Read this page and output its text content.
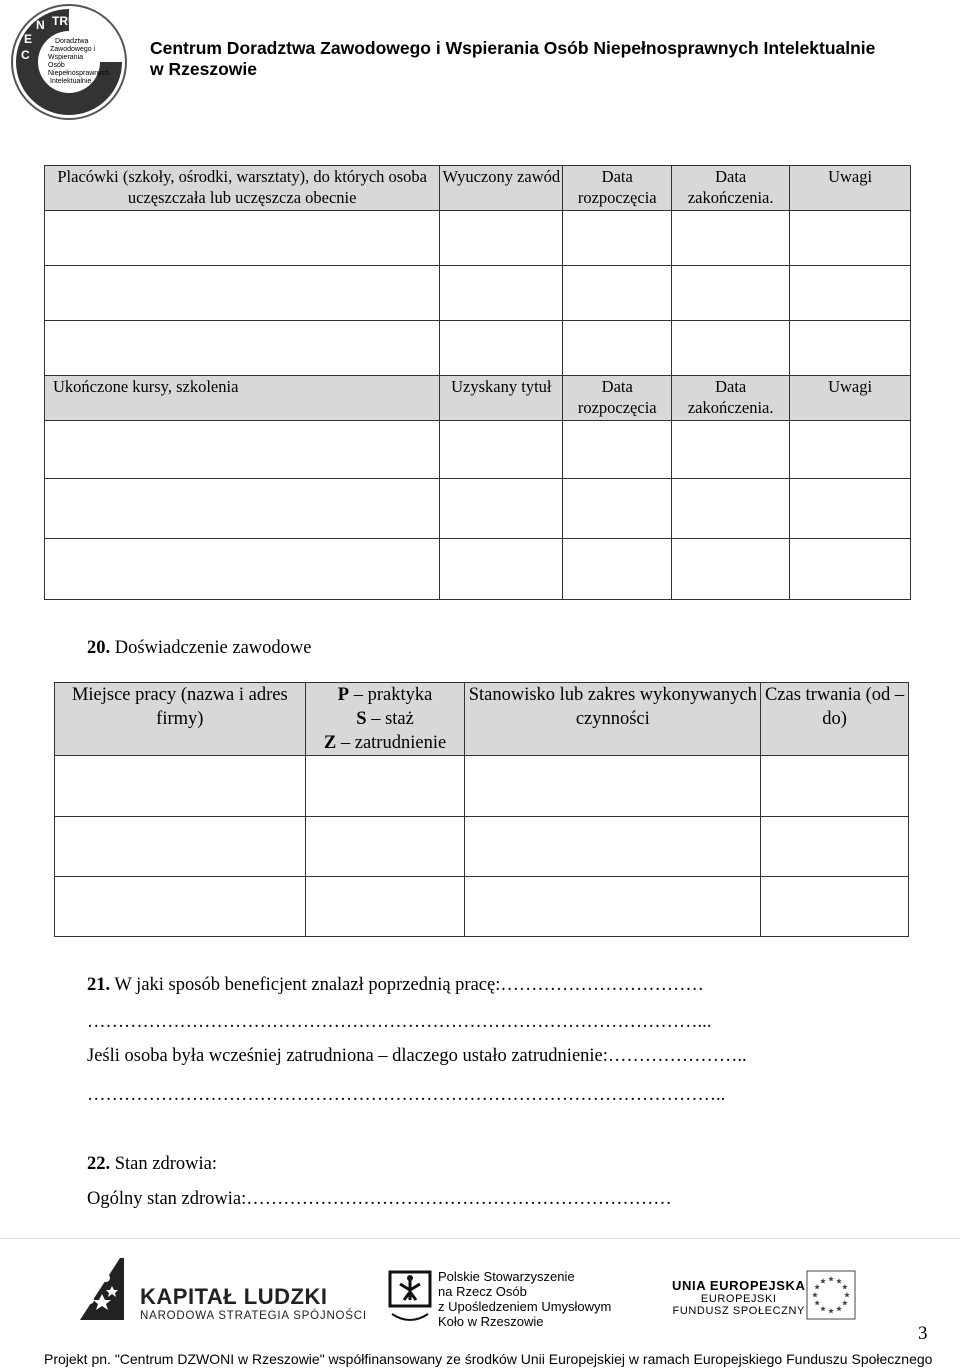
TRUM
N
E
C
Doradztwa
Zawodowego i
Wspierania
Osób
Niepełnosprawnych
Intelektualnie
Centrum Doradztwa Zawodowego i Wspierania Osób Niepełnosprawnych Intelektualnie
w Rzeszowie
Placówki (szkoły, ośrodki, warsztaty), do których osoba uczęszczała lub uczęszcza obecnie	Wyuczony zawód	Data rozpoczęcia	Data zakończenia.	Uwagi

Ukończone kursy, szkolenia	Uzyskany tytuł	Data rozpoczęcia	Data zakończenia.	Uwagi

20. Doświadczenie zawodowe
Miejsce pracy (nazwa i adres firmy)	P – praktyka
S – staż
Z – zatrudnienie	Stanowisko lub zakres wykonywanych czynności	Czas trwania (od – do)

21. W jaki sposób beneficjent znalazł poprzednią pracę:……………………………
………………………………………………………………………………………...
Jeśli osoba była wcześniej zatrudniona – dlaczego ustało zatrudnienie:…………………..
…………………………………………………………………………………………..
22. Stan zdrowia:
Ogólny stan zdrowia:……………………………………………………………
KAPITAŁ LUDZKI
NARODOWA STRATEGIA SPÓJNOŚCI
Polskie Stowarzyszenie
na Rzecz Osób
z Upośledzeniem Umysłowym
Koło w Rzeszowie
UNIA EUROPEJSKA
EUROPEJSKI
FUNDUSZ SPOŁECZNY
3
Projekt pn. "Centrum DZWONI w Rzeszowie" współfinansowany ze środków Unii Europejskiej w ramach Europejskiego Funduszu Społecznego
